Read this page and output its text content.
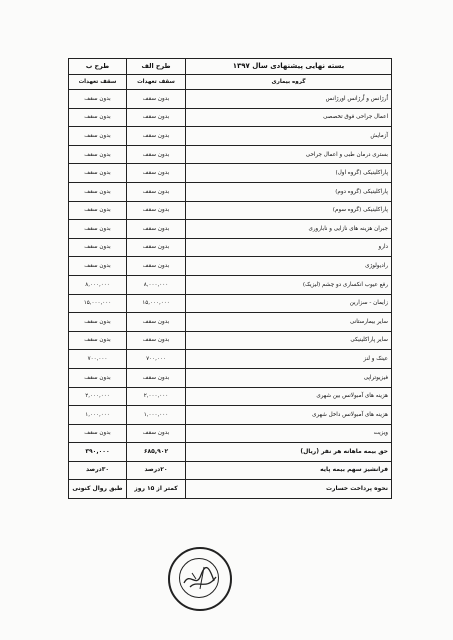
بسته نهایی پیشنهادی سال ۱۳۹۷	طرح الف	طرح ب
گروه بیماری	سقف تعهدات	سقف تعهدات
اُرژانس و اُرژانس اورژانس	بدون سقف	بدون سقف
اعمال جراحی فوق تخصصی	بدون سقف	بدون سقف
آزمایش	بدون سقف	بدون سقف
بستری درمان طبی و اعمال جراحی	بدون سقف	بدون سقف
پاراکلینیکی (گروه اول)	بدون سقف	بدون سقف
پاراکلینیکی (گروه دوم)	بدون سقف	بدون سقف
پاراکلینیکی (گروه سوم)	بدون سقف	بدون سقف
جبران هزینه های نازایی و ناباروری	بدون سقف	بدون سقف
دارو	بدون سقف	بدون سقف
رادیولوژی	بدون سقف	بدون سقف
رفع عیوب انکساری دو چشم (لیزیک)	۸,۰۰۰,۰۰۰	۸,۰۰۰,۰۰۰
زایمان - سزارین	۱۵,۰۰۰,۰۰۰	۱۵,۰۰۰,۰۰۰
سایر بیمارستانی	بدون سقف	بدون سقف
سایر پاراکلینیکی	بدون سقف	بدون سقف
عینک و لنز	۷۰۰,۰۰۰	۷۰۰,۰۰۰
فیزیوتراپی	بدون سقف	بدون سقف
هزینه های آمبولانس بین شهری	۲,۰۰۰,۰۰۰	۲,۰۰۰,۰۰۰
هزینه های آمبولانس داخل شهری	۱,۰۰۰,۰۰۰	۱,۰۰۰,۰۰۰
ویزیت	بدون سقف	بدون سقف
حق بیمه ماهانه هر نفر (ریال)	۶۸۵,۹۰۲	۳۹۰,۰۰۰
فرانشیز سهم بیمه پایه	۲۰درصد	۳۰درصد
نحوه پرداخت خسارت	کمتر از ۱۵ روز	طبق روال کنونی
